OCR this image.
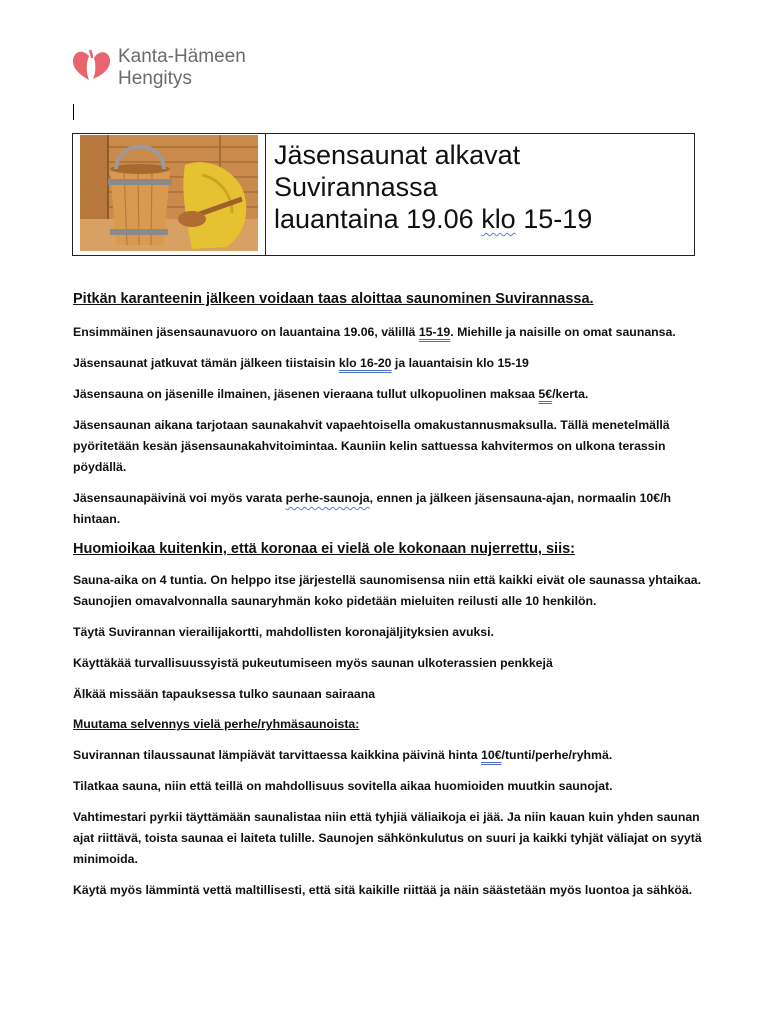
Kanta-Hämeen
Hengitys
Jäsensaunat alkavat
Suvirannassa
lauantaina 19.06 klo 15-19
Pitkän karanteenin jälkeen voidaan taas aloittaa saunominen Suvirannassa.
Ensimmäinen jäsensaunavuoro on lauantaina 19.06, välillä 15-19. Miehille ja naisille on omat saunansa.
Jäsensaunat jatkuvat tämän jälkeen tiistaisin klo 16-20 ja lauantaisin klo 15-19
Jäsensauna on jäsenille ilmainen, jäsenen vieraana tullut ulkopuolinen maksaa 5€/kerta.
Jäsensaunan aikana tarjotaan saunakahvit vapaehtoisella omakustannusmaksulla. Tällä menetelmällä pyöritetään kesän jäsensaunakahvitoimintaa. Kauniin kelin sattuessa kahvitermos on ulkona terassin pöydällä.
Jäsensaunapäivinä voi myös varata perhe-saunoja, ennen ja jälkeen jäsensauna-ajan, normaalin 10€/h hintaan.
Huomioikaa kuitenkin, että koronaa ei vielä ole kokonaan nujerrettu, siis:
Sauna-aika on 4 tuntia. On helppo itse järjestellä saunomisensa niin että kaikki eivät ole saunassa yhtaikaa. Saunojien omavalvonnalla saunaryhmän koko pidetään mieluiten reilusti alle 10 henkilön.
Täytä Suvirannan vierailijakortti, mahdollisten koronajäljityksien avuksi.
Käyttäkää turvallisuussyistä pukeutumiseen myös saunan ulkoterassien penkkejä
Älkää missään tapauksessa tulko saunaan sairaana
Muutama selvennys vielä perhe/ryhmäsaunoista:
Suvirannan tilaussaunat lämpiävät tarvittaessa kaikkina päivinä hinta 10€/tunti/perhe/ryhmä.
Tilatkaa sauna, niin että teillä on mahdollisuus sovitella aikaa huomioiden muutkin saunojat.
Vahtimestari pyrkii täyttämään saunalistaa niin että tyhjiä väliaikoja ei jää. Ja niin kauan kuin yhden saunan ajat riittävä, toista saunaa ei laiteta tulille. Saunojen sähkönkulutus on suuri ja kaikki tyhjät väliajat on syytä minimoida.
Käytä myös lämmintä vettä maltillisesti, että sitä kaikille riittää ja näin säästetään myös luontoa ja sähköä.
